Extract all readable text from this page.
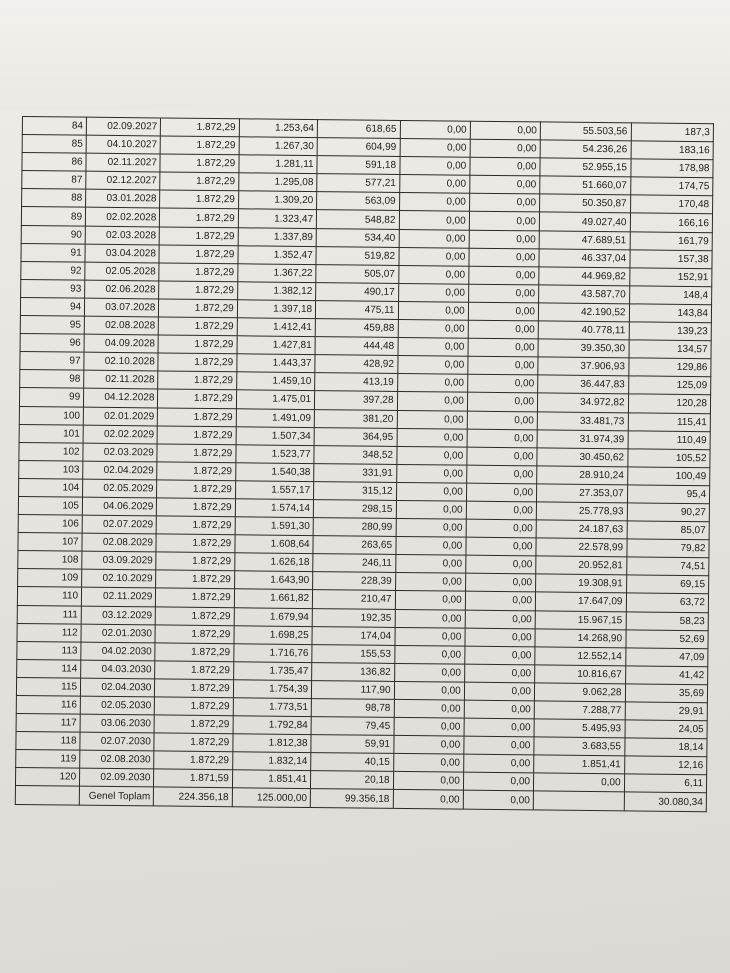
84	02.09.2027	1.872,29	1.253,64	618,65	0,00	0,00	55.503,56	187,3
85	04.10.2027	1.872,29	1.267,30	604,99	0,00	0,00	54.236,26	183,16
86	02.11.2027	1.872,29	1.281,11	591,18	0,00	0,00	52.955,15	178,98
87	02.12.2027	1.872,29	1.295,08	577,21	0,00	0,00	51.660,07	174,75
88	03.01.2028	1.872,29	1.309,20	563,09	0,00	0,00	50.350,87	170,48
89	02.02.2028	1.872,29	1.323,47	548,82	0,00	0,00	49.027,40	166,16
90	02.03.2028	1.872,29	1.337,89	534,40	0,00	0,00	47.689,51	161,79
91	03.04.2028	1.872,29	1.352,47	519,82	0,00	0,00	46.337,04	157,38
92	02.05.2028	1.872,29	1.367,22	505,07	0,00	0,00	44.969,82	152,91
93	02.06.2028	1.872,29	1.382,12	490,17	0,00	0,00	43.587,70	148,4
94	03.07.2028	1.872,29	1.397,18	475,11	0,00	0,00	42.190,52	143,84
95	02.08.2028	1.872,29	1.412,41	459,88	0,00	0,00	40.778,11	139,23
96	04.09.2028	1.872,29	1.427,81	444,48	0,00	0,00	39.350,30	134,57
97	02.10.2028	1.872,29	1.443,37	428,92	0,00	0,00	37.906,93	129,86
98	02.11.2028	1.872,29	1.459,10	413,19	0,00	0,00	36.447,83	125,09
99	04.12.2028	1.872,29	1.475,01	397,28	0,00	0,00	34.972,82	120,28
100	02.01.2029	1.872,29	1.491,09	381,20	0,00	0,00	33.481,73	115,41
101	02.02.2029	1.872,29	1.507,34	364,95	0,00	0,00	31.974,39	110,49
102	02.03.2029	1.872,29	1.523,77	348,52	0,00	0,00	30.450,62	105,52
103	02.04.2029	1.872,29	1.540,38	331,91	0,00	0,00	28.910,24	100,49
104	02.05.2029	1.872,29	1.557,17	315,12	0,00	0,00	27.353,07	95,4
105	04.06.2029	1.872,29	1.574,14	298,15	0,00	0,00	25.778,93	90,27
106	02.07.2029	1.872,29	1.591,30	280,99	0,00	0,00	24.187,63	85,07
107	02.08.2029	1.872,29	1.608,64	263,65	0,00	0,00	22.578,99	79,82
108	03.09.2029	1.872,29	1.626,18	246,11	0,00	0,00	20.952,81	74,51
109	02.10.2029	1.872,29	1.643,90	228,39	0,00	0,00	19.308,91	69,15
110	02.11.2029	1.872,29	1.661,82	210,47	0,00	0,00	17.647,09	63,72
111	03.12.2029	1.872,29	1.679,94	192,35	0,00	0,00	15.967,15	58,23
112	02.01.2030	1.872,29	1.698,25	174,04	0,00	0,00	14.268,90	52,69
113	04.02.2030	1.872,29	1.716,76	155,53	0,00	0,00	12.552,14	47,09
114	04.03.2030	1.872,29	1.735,47	136,82	0,00	0,00	10.816,67	41,42
115	02.04.2030	1.872,29	1.754,39	117,90	0,00	0,00	9.062,28	35,69
116	02.05.2030	1.872,29	1.773,51	98,78	0,00	0,00	7.288,77	29,91
117	03.06.2030	1.872,29	1.792,84	79,45	0,00	0,00	5.495,93	24,05
118	02.07.2030	1.872,29	1.812,38	59,91	0,00	0,00	3.683,55	18,14
119	02.08.2030	1.872,29	1.832,14	40,15	0,00	0,00	1.851,41	12,16
120	02.09.2030	1.871,59	1.851,41	20,18	0,00	0,00	0,00	6,11
	Genel Toplam	224.356,18	125.000,00	99.356,18	0,00	0,00		30.080,34
